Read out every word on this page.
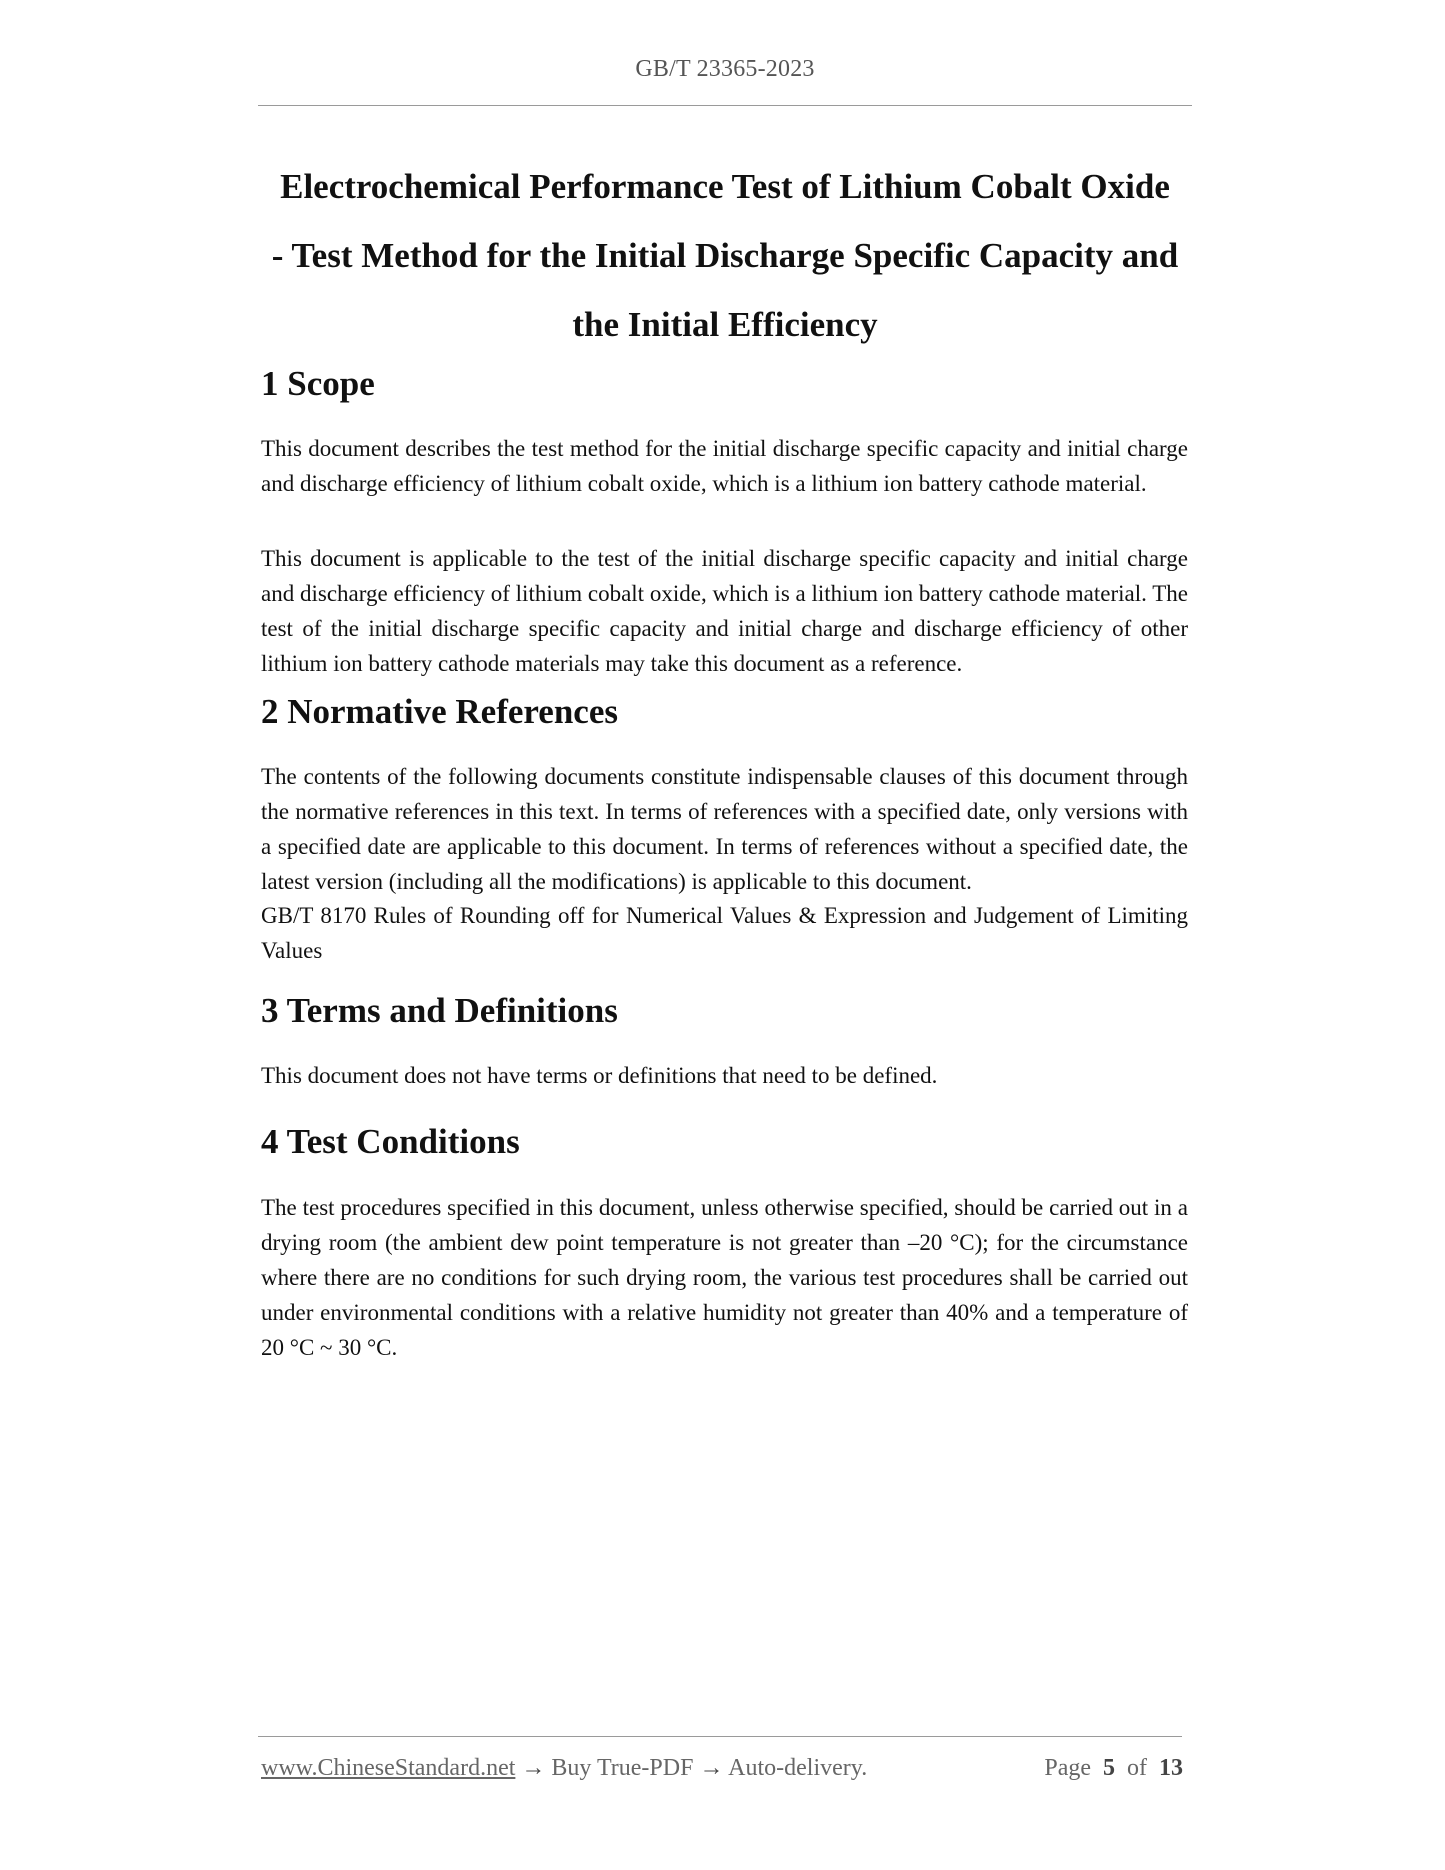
GB/T 23365-2023
Electrochemical Performance Test of Lithium Cobalt Oxide
- Test Method for the Initial Discharge Specific Capacity and
the Initial Efficiency
1 Scope

This document describes the test method for the initial discharge specific capacity and initial charge and discharge efficiency of lithium cobalt oxide, which is a lithium ion battery cathode material.

This document is applicable to the test of the initial discharge specific capacity and initial charge and discharge efficiency of lithium cobalt oxide, which is a lithium ion battery cathode material. The test of the initial discharge specific capacity and initial charge and discharge efficiency of other lithium ion battery cathode materials may take this document as a reference.

2 Normative References

The contents of the following documents constitute indispensable clauses of this document through the normative references in this text. In terms of references with a specified date, only versions with a specified date are applicable to this document. In terms of references without a specified date, the latest version (including all the modifications) is applicable to this document.

GB/T 8170 Rules of Rounding off for Numerical Values & Expression and Judgement of Limiting Values

3 Terms and Definitions

This document does not have terms or definitions that need to be defined.

4 Test Conditions

The test procedures specified in this document, unless otherwise specified, should be carried out in a drying room (the ambient dew point temperature is not greater than –20 °C); for the circumstance where there are no conditions for such drying room, the various test procedures shall be carried out under environmental conditions with a relative humidity not greater than 40% and a temperature of 20 °C ~ 30 °C.

www.ChineseStandard.net → Buy True-PDF → Auto-delivery.	Page 5 of 13
